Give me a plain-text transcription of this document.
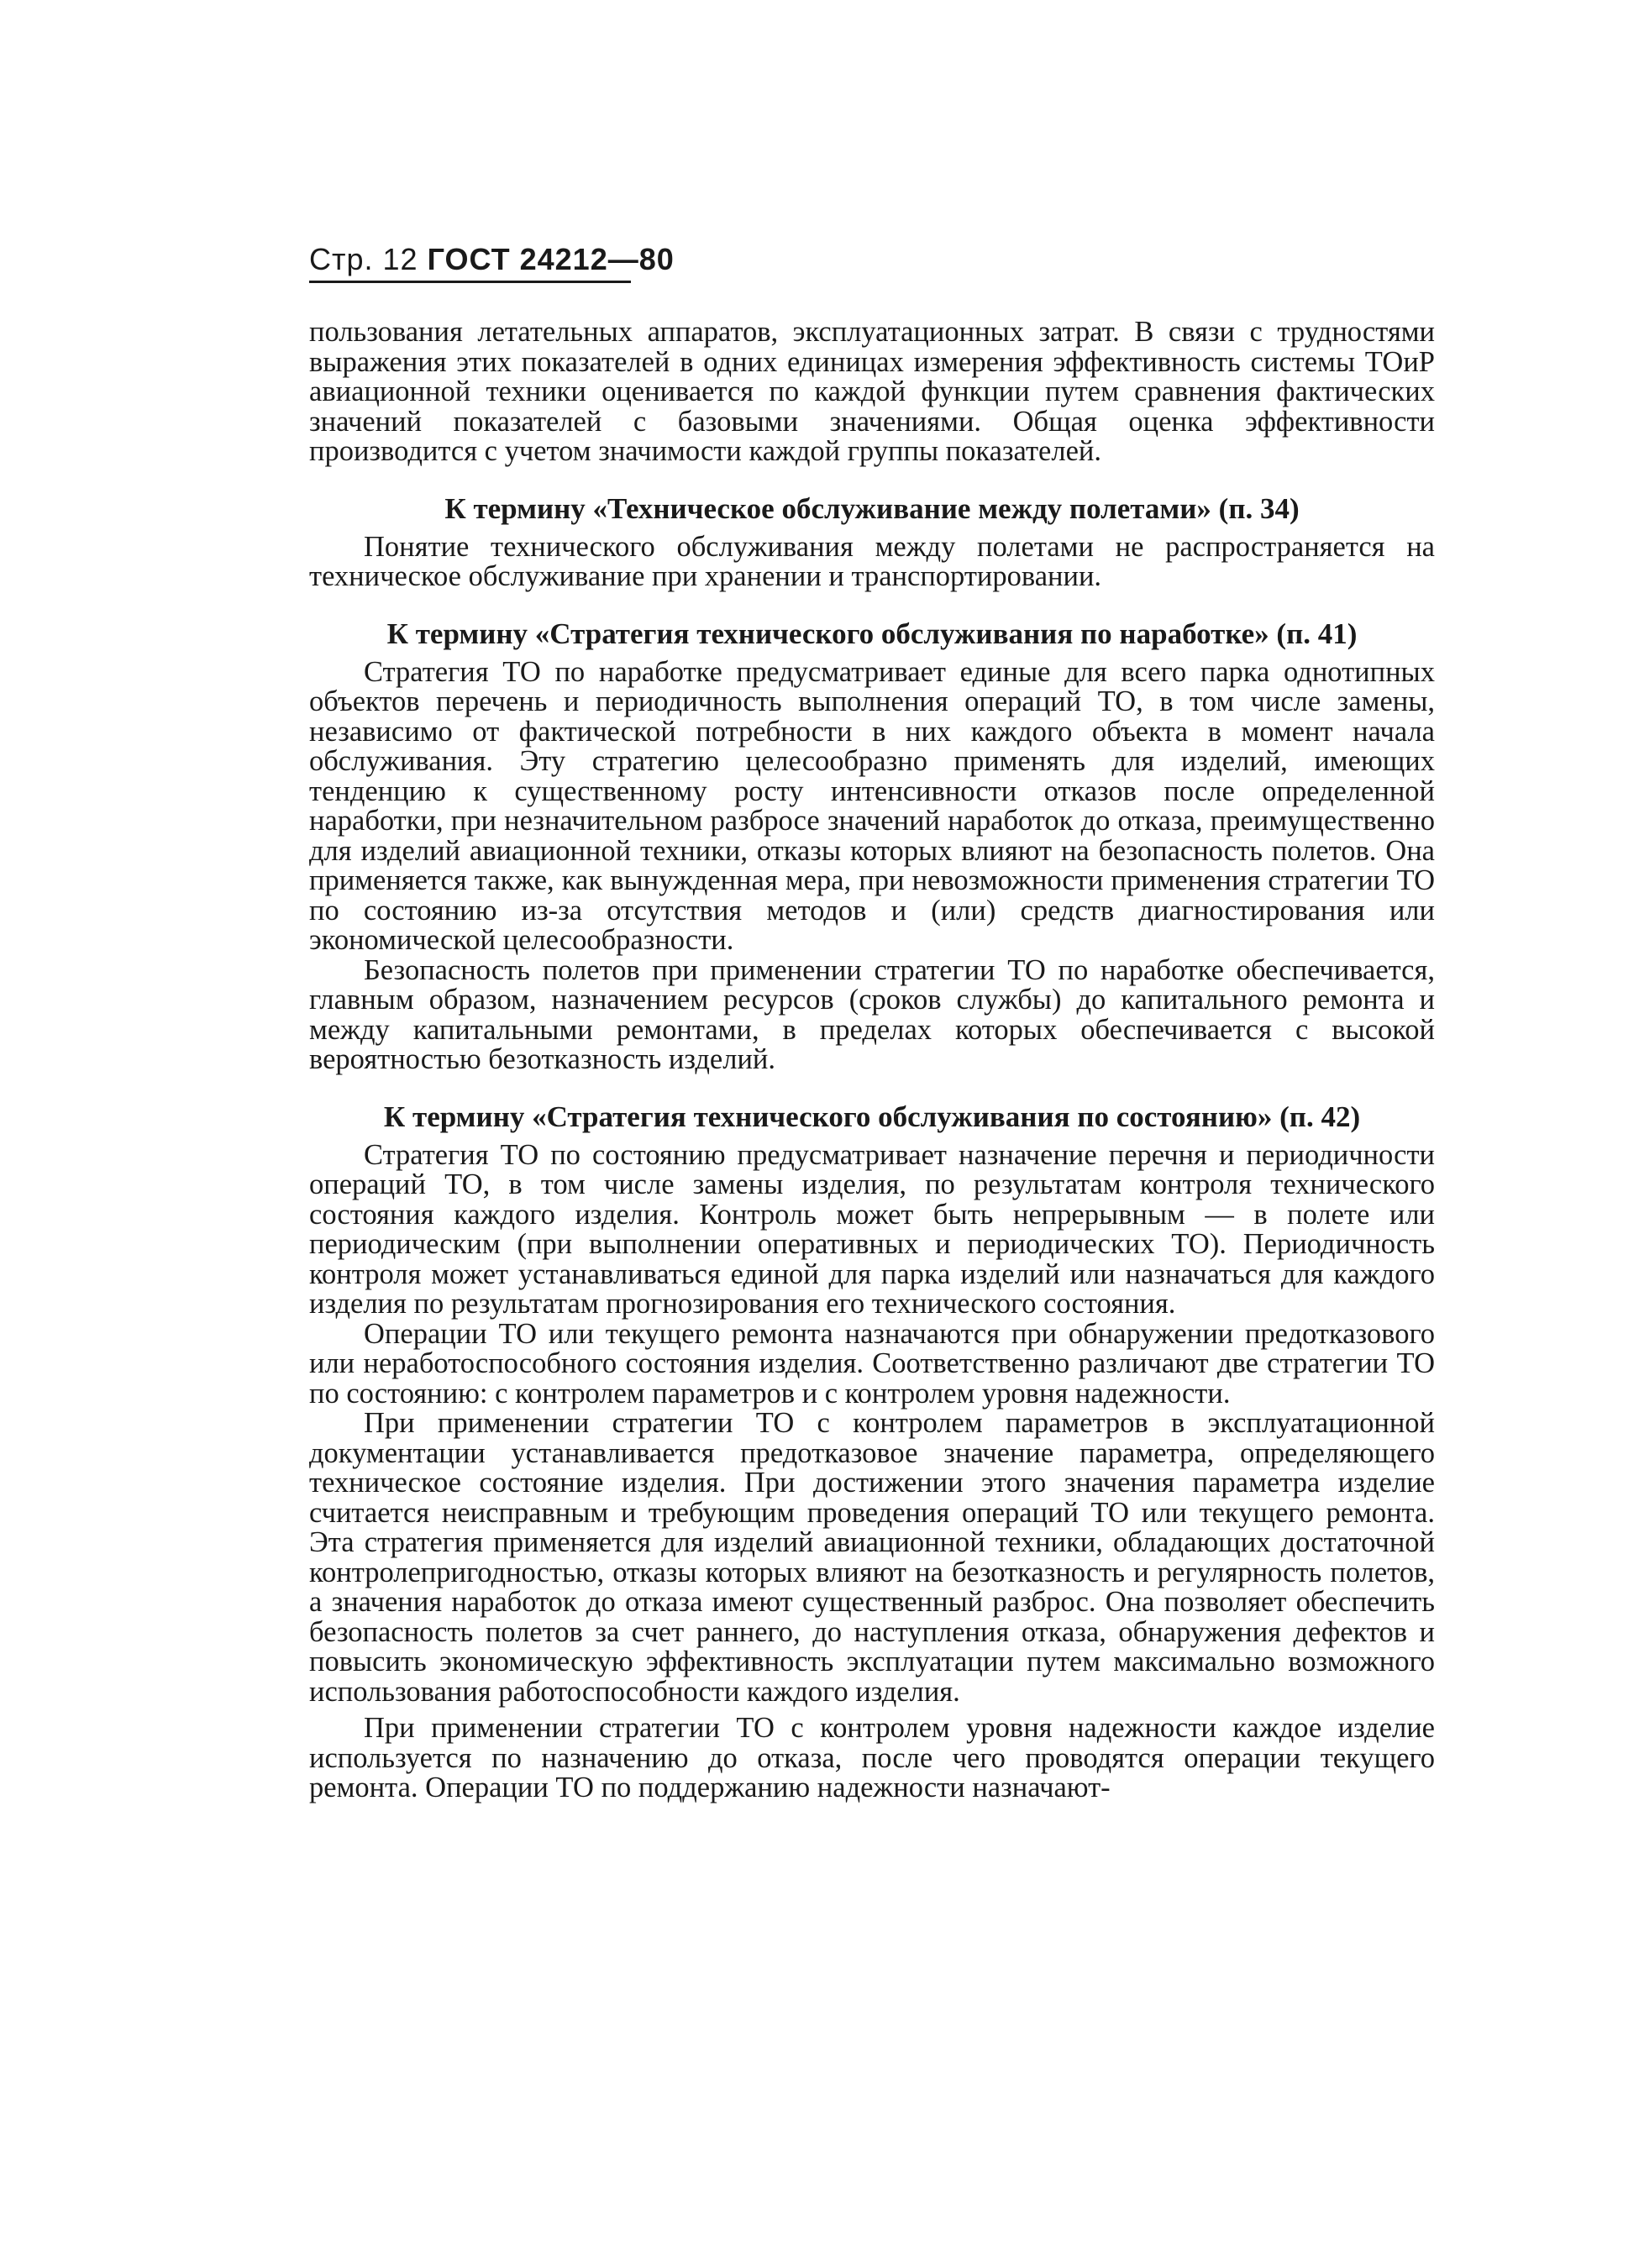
Стр. 12 ГОСТ 24212—80

пользования летательных аппаратов, эксплуатационных затрат. В связи с трудностями выражения этих показателей в одних единицах измерения эффективность системы ТОиР авиационной техники оценивается по каждой функции путем сравнения фактических значений показателей с базовыми значениями. Общая оценка эффективности производится с учетом значимости каждой группы показателей.

К термину «Техническое обслуживание между полетами» (п. 34)

Понятие технического обслуживания между полетами не распространяется на техническое обслуживание при хранении и транспортировании.

К термину «Стратегия технического обслуживания по наработке» (п. 41)

Стратегия ТО по наработке предусматривает единые для всего парка однотипных объектов перечень и периодичность выполнения операций ТО, в том числе замены, независимо от фактической потребности в них каждого объекта в момент начала обслуживания. Эту стратегию целесообразно применять для изделий, имеющих тенденцию к существенному росту интенсивности отказов после определенной наработки, при незначительном разбросе значений наработок до отказа, преимущественно для изделий авиационной техники, отказы которых влияют на безопасность полетов. Она применяется также, как вынужденная мера, при невозможности применения стратегии ТО по состоянию из-за отсутствия методов и (или) средств диагностирования или экономической целесообразности.

Безопасность полетов при применении стратегии ТО по наработке обеспечивается, главным образом, назначением ресурсов (сроков службы) до капитального ремонта и между капитальными ремонтами, в пределах которых обеспечивается с высокой вероятностью безотказность изделий.

К термину «Стратегия технического обслуживания по состоянию» (п. 42)

Стратегия ТО по состоянию предусматривает назначение перечня и периодичности операций ТО, в том числе замены изделия, по результатам контроля технического состояния каждого изделия. Контроль может быть непрерывным — в полете или периодическим (при выполнении оперативных и периодических ТО). Периодичность контроля может устанавливаться единой для парка изделий или назначаться для каждого изделия по результатам прогнозирования его технического состояния.

Операции ТО или текущего ремонта назначаются при обнаружении предотказового или неработоспособного состояния изделия. Соответственно различают две стратегии ТО по состоянию: с контролем параметров и с контролем уровня надежности.

При применении стратегии ТО с контролем параметров в эксплуатационной документации устанавливается предотказовое значение параметра, определяющего техническое состояние изделия. При достижении этого значения параметра изделие считается неисправным и требующим проведения операций ТО или текущего ремонта. Эта стратегия применяется для изделий авиационной техники, обладающих достаточной контролепригодностью, отказы которых влияют на безотказность и регулярность полетов, а значения наработок до отказа имеют существенный разброс. Она позволяет обеспечить безопасность полетов за счет раннего, до наступления отказа, обнаружения дефектов и повысить экономическую эффективность эксплуатации путем максимально возможного использования работоспособности каждого изделия.

При применении стратегии ТО с контролем уровня надежности каждое изделие используется по назначению до отказа, после чего проводятся операции текущего ремонта. Операции ТО по поддержанию надежности назначают-
